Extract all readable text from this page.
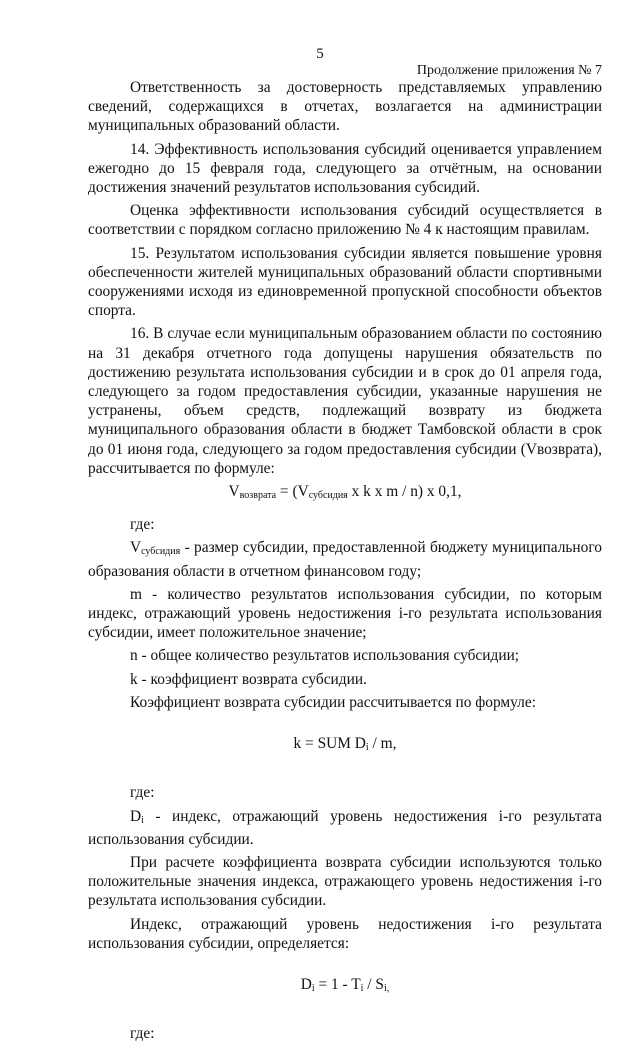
5
Продолжение приложения № 7

Ответственность за достоверность представляемых управлению сведений, содержащихся в отчетах, возлагается на администрации муниципальных образований области.

14. Эффективность использования субсидий оценивается управлением ежегодно до 15 февраля года, следующего за отчётным, на основании достижения значений результатов использования субсидий.

Оценка эффективности использования субсидий осуществляется в соответствии с порядком согласно приложению № 4 к настоящим правилам.

15. Результатом использования субсидии является повышение уровня обеспеченности жителей муниципальных образований области спортивными сооружениями исходя из единовременной пропускной способности объектов спорта.

16. В случае если муниципальным образованием области по состоянию на 31 декабря отчетного года допущены нарушения обязательств по достижению результата использования субсидии и в срок до 01 апреля года, следующего за годом предоставления субсидии, указанные нарушения не устранены, объем средств, подлежащий возврату из бюджета муниципального образования области в бюджет Тамбовской области в срок до 01 июня года, следующего за годом предоставления субсидии (Vвозврата), рассчитывается по формуле:

$V_{возврата} = (V_{субсидия}$ x k x m / n) x 0,1,
где:

$V_{субсидия}$ - размер субсидии, предоставленной бюджету муниципального образования области в отчетном финансовом году;

m - количество результатов использования субсидии, по которым индекс, отражающий уровень недостижения i-го результата использования субсидии, имеет положительное значение;

n - общее количество результатов использования субсидии;

k - коэффициент возврата субсидии.

Коэффициент возврата субсидии рассчитывается по формуле:

k = SUM $D_i$ / m,
где:

$D_i$ - индекс, отражающий уровень недостижения i-го результата использования субсидии.

При расчете коэффициента возврата субсидии используются только положительные значения индекса, отражающего уровень недостижения i-го результата использования субсидии.

Индекс, отражающий уровень недостижения i-го результата использования субсидии, определяется:

$D_i = 1 - T_i / S_{i,}$
где:
